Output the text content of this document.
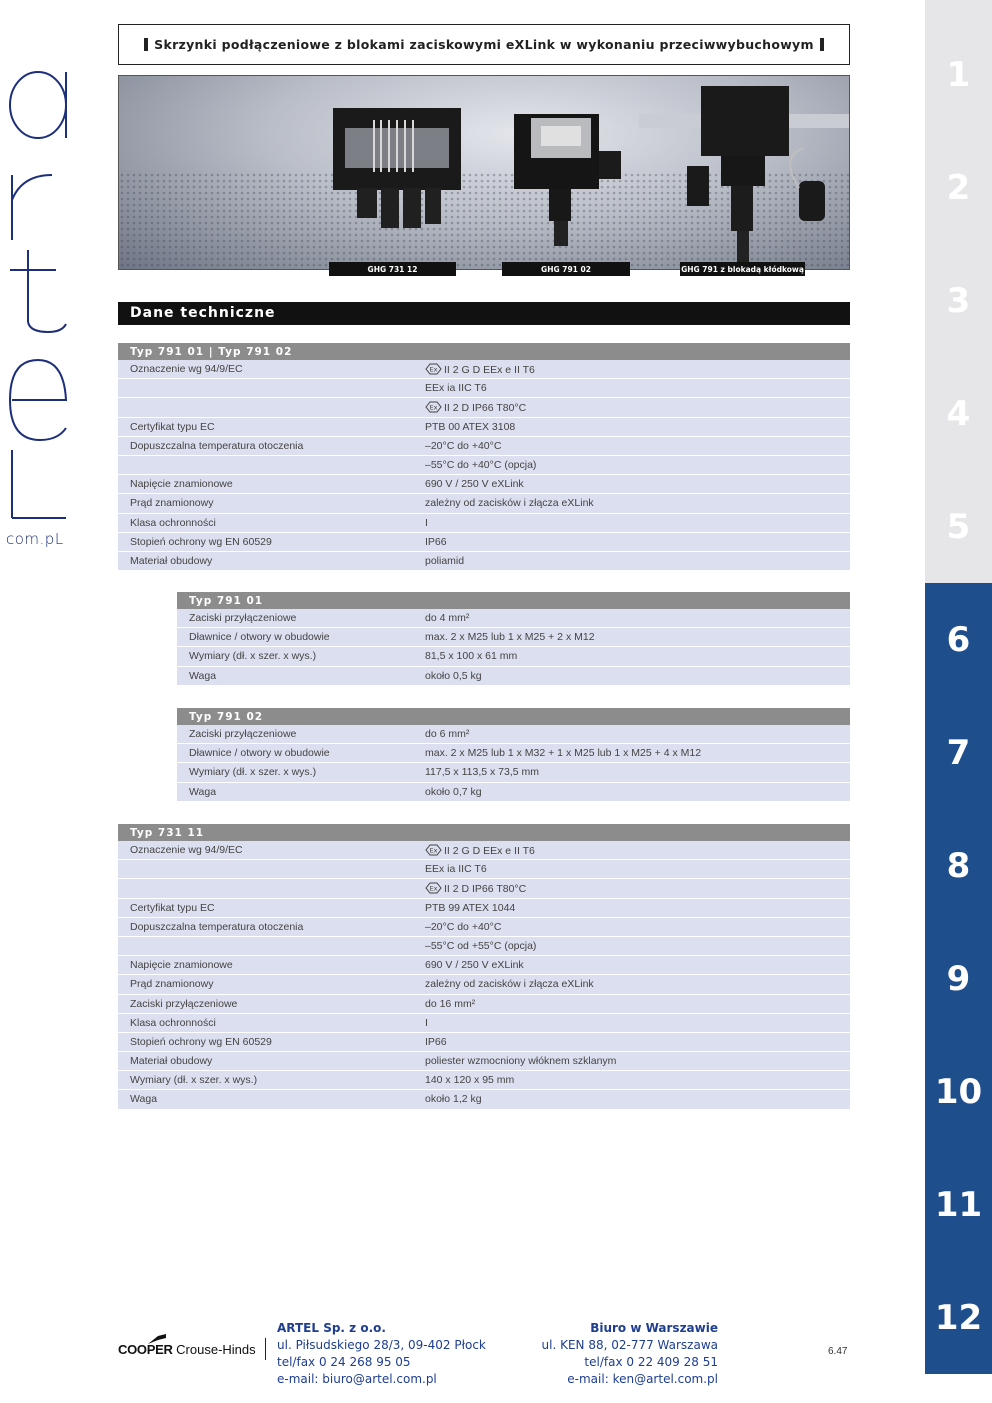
com.pL
1
2
3
4
5
6
7
8
9
10
11
12
Skrzynki podłączeniowe z blokami zaciskowymi eXLink w wykonaniu przeciwwybuchowym
GHG 731 12	GHG 791 02	GHG 791 z blokadą kłódkową
Dane techniczne
Typ 791 01 | Typ 791 02
Oznaczenie wg 94/9/EC	Ex II 2 G D EEx e II T6
EEx ia IIC T6
Ex II 2 D IP66 T80°C
Certyfikat typu EC	PTB 00 ATEX 3108
Dopuszczalna temperatura otoczenia	–20°C do +40°C
–55°C do +40°C (opcja)
Napięcie znamionowe	690 V / 250 V eXLink
Prąd znamionowy	zależny od zacisków i złącza eXLink
Klasa ochronności	I
Stopień ochrony wg EN 60529	IP66
Materiał obudowy	poliamid
Typ 791 01
Zaciski przyłączeniowe	do 4 mm²
Dławnice / otwory w obudowie	max. 2 x M25 lub 1 x M25 + 2 x M12
Wymiary (dł. x szer. x wys.)	81,5 x 100 x 61 mm
Waga	około 0,5 kg
Typ 791 02
Zaciski przyłączeniowe	do 6 mm²
Dławnice / otwory w obudowie	max. 2 x M25 lub 1 x M32 + 1 x M25 lub 1 x M25 + 4 x M12
Wymiary (dł. x szer. x wys.)	117,5 x 113,5 x 73,5 mm
Waga	około 0,7 kg
Typ 731 11
Oznaczenie wg 94/9/EC	Ex II 2 G D EEx e II T6
EEx ia IIC T6
Ex II 2 D IP66 T80°C
Certyfikat typu EC	PTB 99 ATEX 1044
Dopuszczalna temperatura otoczenia	–20°C do +40°C
–55°C od +55°C (opcja)
Napięcie znamionowe	690 V / 250 V eXLink
Prąd znamionowy	zależny od zacisków i złącza eXLink
Zaciski przyłączeniowe	do 16 mm²
Klasa ochronności	I
Stopień ochrony wg EN 60529	IP66
Materiał obudowy	poliester wzmocniony włóknem szklanym
Wymiary (dł. x szer. x wys.)	140 x 120 x 95 mm
Waga	około 1,2 kg
COOPER Crouse-Hinds
ARTEL Sp. z o.o.
ul. Piłsudskiego 28/3, 09-402 Płock
tel/fax 0 24 268 95 05
e-mail: biuro@artel.com.pl
Biuro w Warszawie
ul. KEN 88, 02-777 Warszawa
tel/fax 0 22 409 28 51
e-mail: ken@artel.com.pl
6.47
